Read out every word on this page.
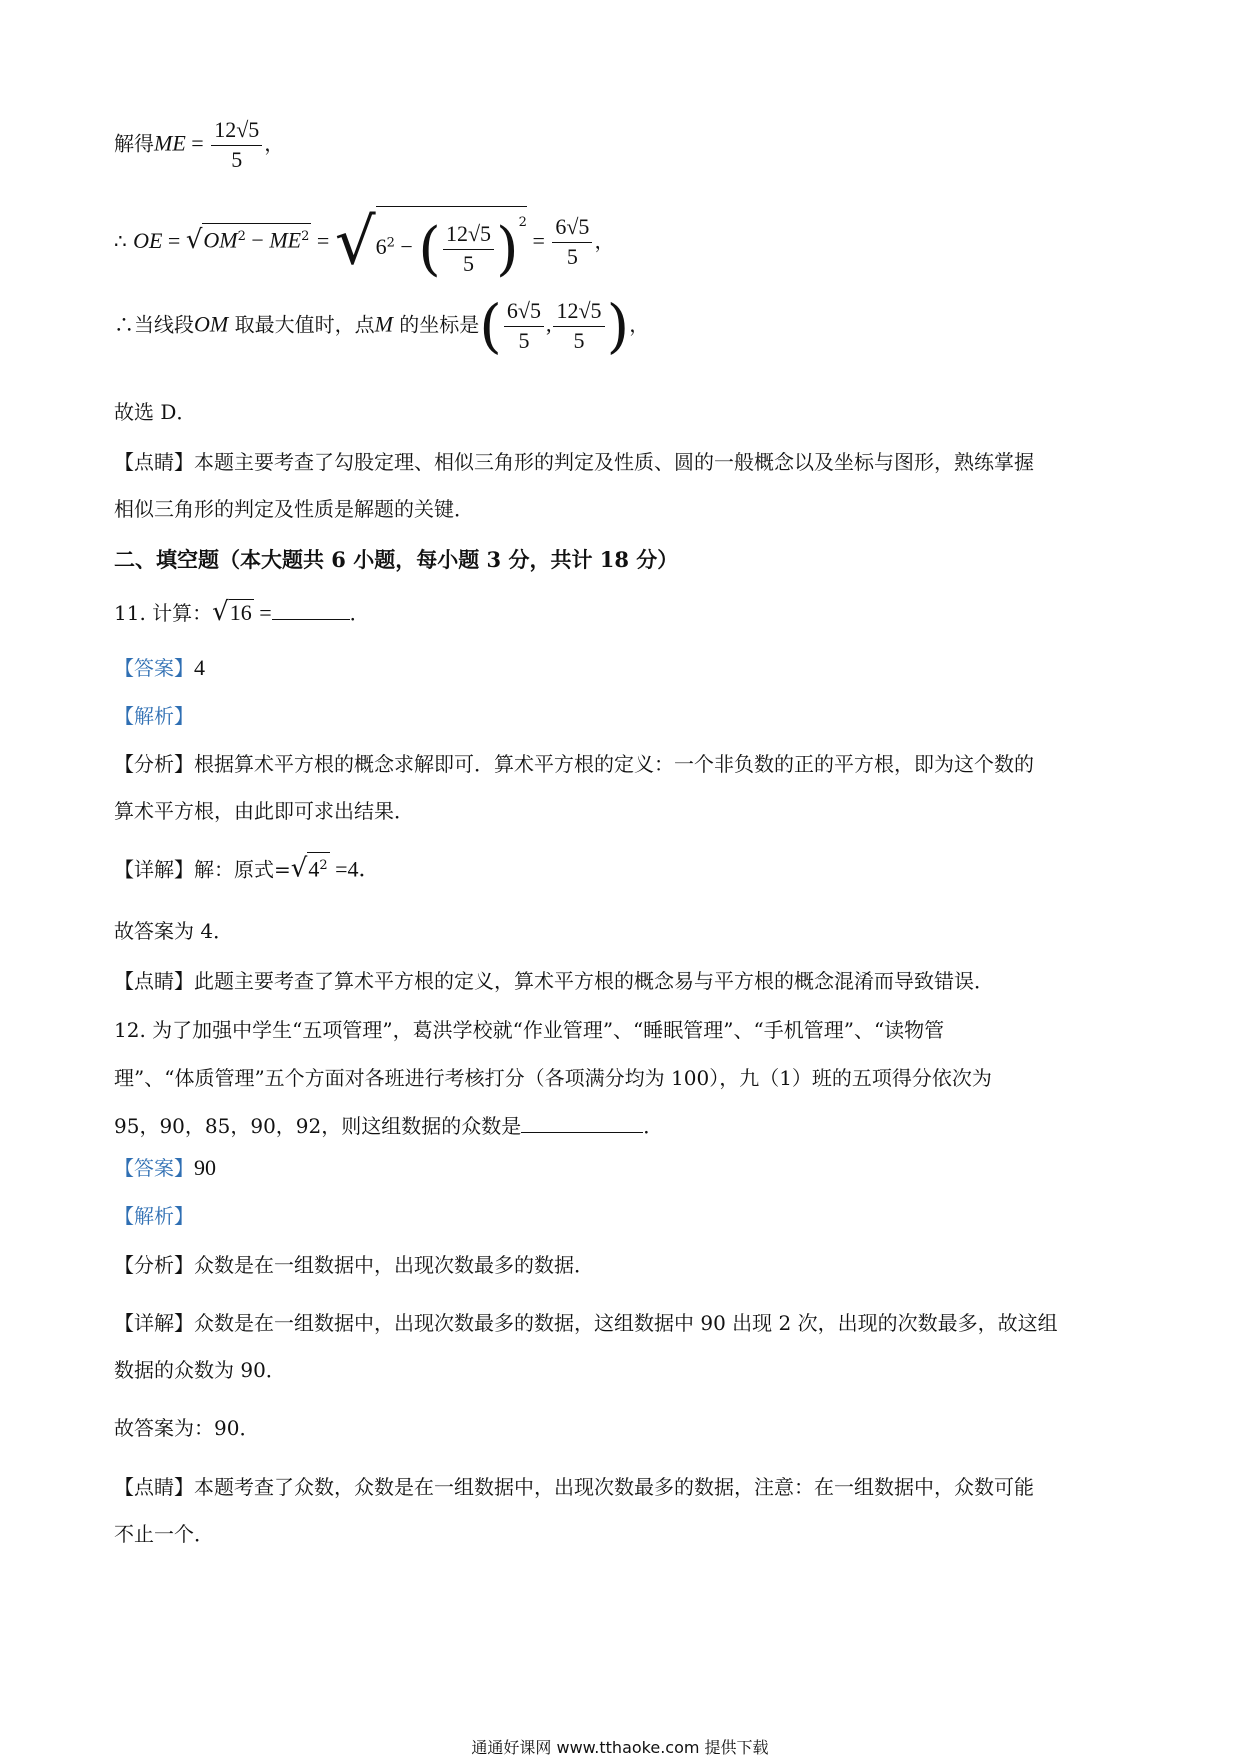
解得ME = $\frac{12√5}{5}$ ，
∴ OE = $√OM^2 - ME^2 = √6^2$ − ( $\frac{12√5}{5} )^2 = \frac{6√5}{5}$ ，
∴当线段OM 取最大值时，点M 的坐标是( $\frac{6√5}{5}$ , $\frac{12√5}{5}$ )，
故选 D．
【点睛】本题主要考查了勾股定理、相似三角形的判定及性质、圆的一般概念以及坐标与图形，熟练掌握
相似三角形的判定及性质是解题的关键．
二、填空题（本大题共 6 小题，每小题 3 分，共计 18 分）
11. 计算：√16 =	．
【答案】4
【解析】
【分析】根据算术平方根的概念求解即可．算术平方根的定义：一个非负数的正的平方根，即为这个数的
算术平方根，由此即可求出结果．
【详解】解：原式$=√4^2 =4$．
故答案为 4．
【点睛】此题主要考查了算术平方根的定义，算术平方根的概念易与平方根的概念混淆而导致错误．
12. 为了加强中学生“五项管理”，葛洪学校就“作业管理”、“睡眠管理”、“手机管理”、“读物管
理”、“体质管理”五个方面对各班进行考核打分（各项满分均为 100），九（1）班的五项得分依次为
95，90，85，90，92，则这组数据的众数是	．
【答案】90
【解析】
【分析】众数是在一组数据中，出现次数最多的数据．
【详解】众数是在一组数据中，出现次数最多的数据，这组数据中 90 出现 2 次，出现的次数最多，故这组
数据的众数为 90．
故答案为：90．
【点睛】本题考查了众数，众数是在一组数据中，出现次数最多的数据，注意：在一组数据中，众数可能
不止一个．
通通好课网 www.tthaoke.com 提供下载
